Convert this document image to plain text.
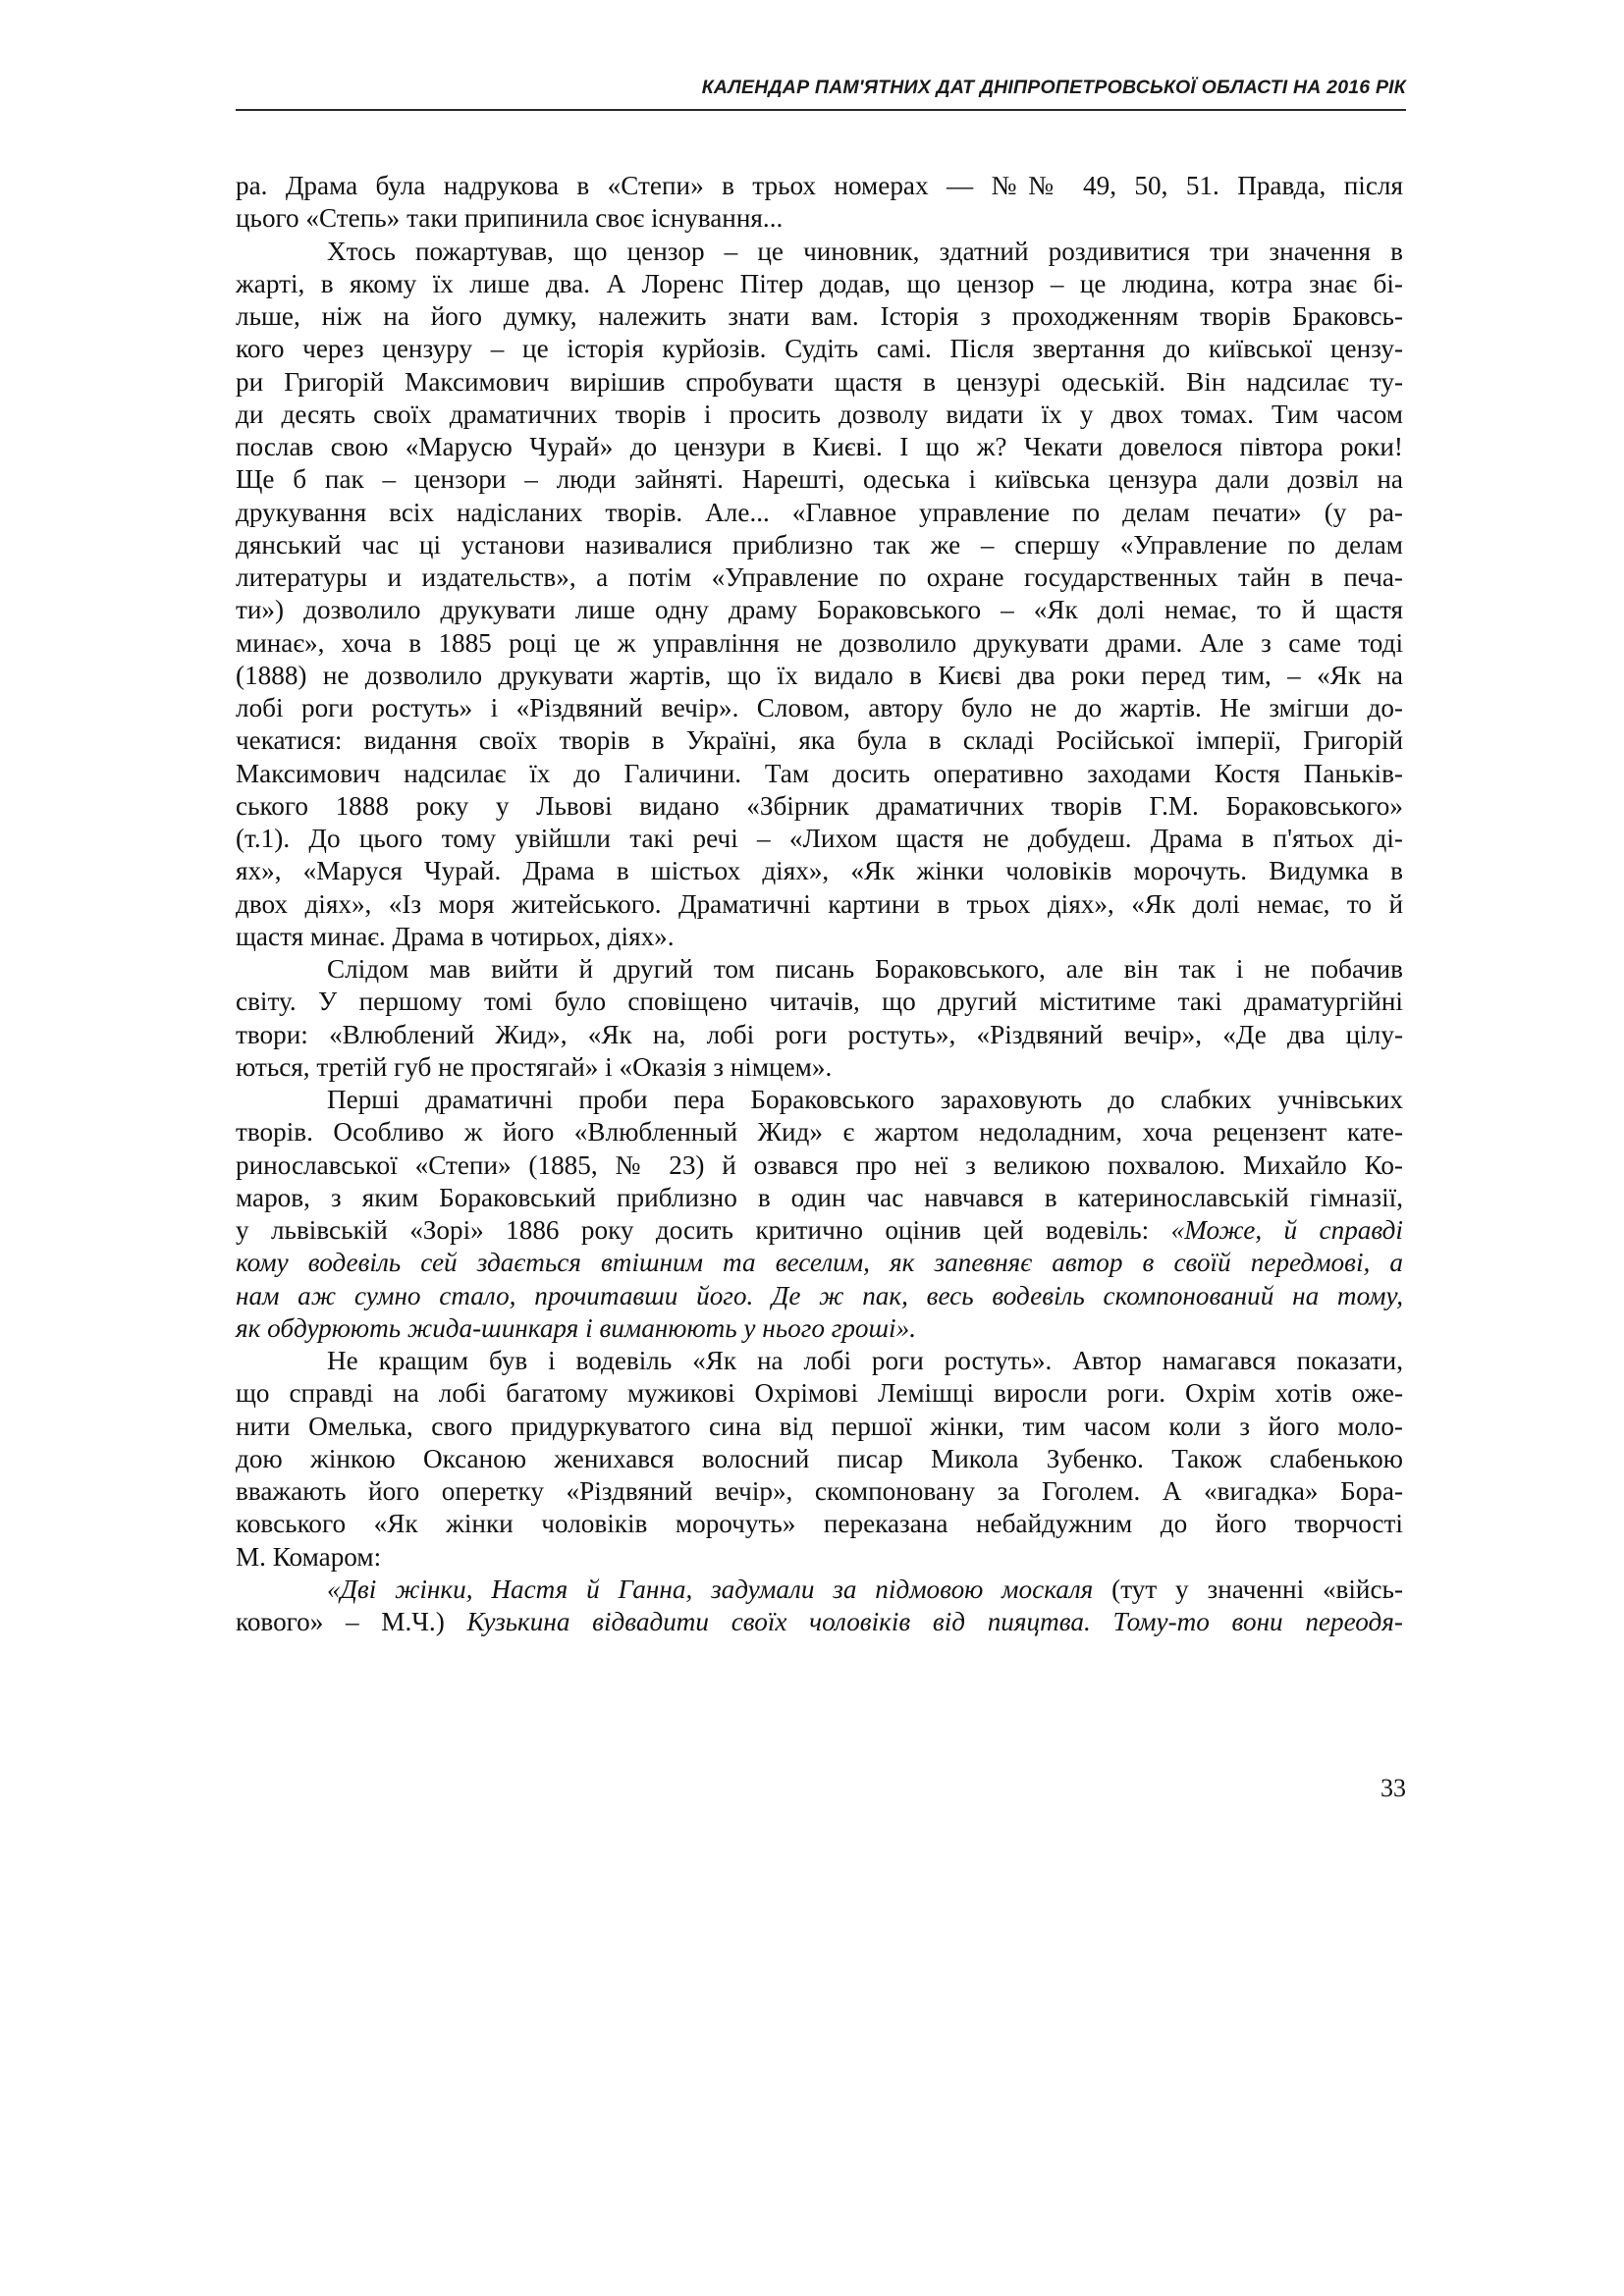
КАЛЕНДАР ПАМ'ЯТНИХ ДАТ ДНІПРОПЕТРОВСЬКОЇ ОБЛАСТІ НА 2016 РІК
ра. Драма була надрукова в «Степи» в трьох номерах — №№ 49, 50, 51. Правда, після
цього «Степь» таки припинила своє існування...
Хтось пожартував, що цензор – це чиновник, здатний роздивитися три значення в
жарті, в якому їх лише два. А Лоренс Пітер додав, що цензор – це людина, котра знає бі-
льше, ніж на його думку, належить знати вам. Історія з проходженням творів Браковсь-
кого через цензуру – це історія курйозів. Судіть самі. Після звертання до київської цензу-
ри Григорій Максимович вирішив спробувати щастя в цензурі одеській. Він надсилає ту-
ди десять своїх драматичних творів і просить дозволу видати їх у двох томах. Тим часом
послав свою «Марусю Чурай» до цензури в Києві. І що ж? Чекати довелося півтора роки!
Ще б пак – цензори – люди зайняті. Нарешті, одеська і київська цензура дали дозвіл на
друкування всіх надісланих творів. Але... «Главное управление по делам печати» (у ра-
дянський час ці установи називалися приблизно так же – спершу «Управление по делам
литературы и издательств», а потім «Управление по охране государственных тайн в печа-
ти») дозволило друкувати лише одну драму Бораковського – «Як долі немає, то й щастя
минає», хоча в 1885 році це ж управління не дозволило друкувати драми. Але з саме тоді
(1888) не дозволило друкувати жартів, що їх видало в Києві два роки перед тим, – «Як на
лобі роги ростуть» і «Різдвяний вечір». Словом, автору було не до жартів. Не змігши до-
чекатися: видання своїх творів в Україні, яка була в складі Російської імперії, Григорій
Максимович надсилає їх до Галичини. Там досить оперативно заходами Костя Паньків-
ського 1888 року у Львові видано «Збірник драматичних творів Г.М. Бораковського»
(т.1). До цього тому увійшли такі речі – «Лихом щастя не добудеш. Драма в п'ятьох ді-
ях», «Маруся Чурай. Драма в шістьох діях», «Як жінки чоловіків морочуть. Видумка в
двох діях», «Із моря житейського. Драматичні картини в трьох діях», «Як долі немає, то й
щастя минає. Драма в чотирьох, діях».
Слідом мав вийти й другий том писань Бораковського, але він так і не побачив
світу. У першому томі було сповіщено читачів, що другий міститиме такі драматургійні
твори: «Влюблений Жид», «Як на, лобі роги ростуть», «Різдвяний вечір», «Де два цілу-
ються, третій губ не простягай» і «Оказія з німцем».
Перші драматичні проби пера Бораковського зараховують до слабких учнівських
творів. Особливо ж його «Влюбленный Жид» є жартом недоладним, хоча рецензент кате-
ринославської «Степи» (1885, № 23) й озвався про неї з великою похвалою. Михайло Ко-
маров, з яким Бораковський приблизно в один час навчався в катеринославській гімназії,
у львівській «Зорі» 1886 року досить критично оцінив цей водевіль: «Може, й справді
кому водевіль сей здається втішним та веселим, як запевняє автор в своїй передмові, а
нам аж сумно стало, прочитавши його. Де ж пак, весь водевіль скомпонований на тому,
як обдурюють жида-шинкаря і виманюють у нього гроші».
Не кращим був і водевіль «Як на лобі роги ростуть». Автор намагався показати,
що справді на лобі багатому мужикові Охрімові Лемішці виросли роги. Охрім хотів оже-
нити Омелька, свого придуркуватого сина від першої жінки, тим часом коли з його моло-
дою жінкою Оксаною женихався волосний писар Микола Зубенко. Також слабенькою
вважають його оперетку «Різдвяний вечір», скомпоновану за Гоголем. А «вигадка» Бора-
ковського «Як жінки чоловіків морочуть» переказана небайдужним до його творчості
М. Комаром:
«Дві жінки, Настя й Ганна, задумали за підмовою москаля (тут у значенні «війсь-
кового» – М.Ч.) Кузькина відвадити своїх чоловіків від пияцтва. Тому-то вони переодя-
33
